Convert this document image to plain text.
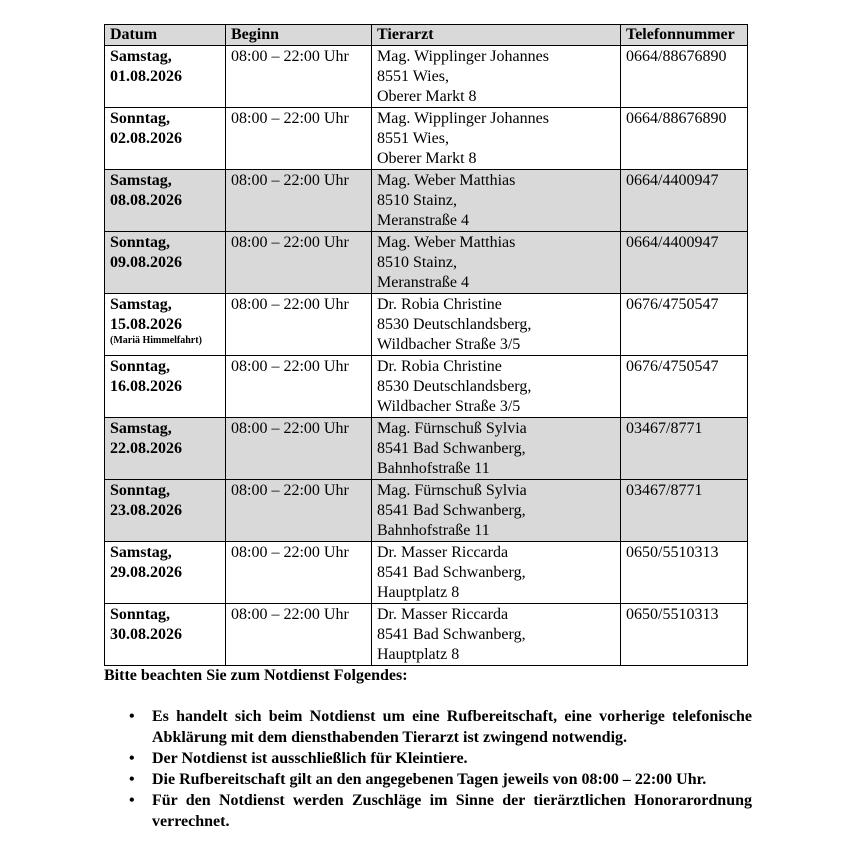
Datum	Beginn	Tierarzt	Telefonnummer

Samstag,
01.08.2026	08:00 – 22:00 Uhr	Mag. Wipplinger Johannes
8551 Wies,
Oberer Markt 8	0664/88676890

Sonntag,
02.08.2026	08:00 – 22:00 Uhr	Mag. Wipplinger Johannes
8551 Wies,
Oberer Markt 8	0664/88676890

Samstag,
08.08.2026	08:00 – 22:00 Uhr	Mag. Weber Matthias
8510 Stainz,
Meranstraße 4	0664/4400947

Sonntag,
09.08.2026	08:00 – 22:00 Uhr	Mag. Weber Matthias
8510 Stainz,
Meranstraße 4	0664/4400947

Samstag,
15.08.2026
(Mariä Himmelfahrt)	08:00 – 22:00 Uhr	Dr. Robia Christine
8530 Deutschlandsberg,
Wildbacher Straße 3/5	0676/4750547

Sonntag,
16.08.2026	08:00 – 22:00 Uhr	Dr. Robia Christine
8530 Deutschlandsberg,
Wildbacher Straße 3/5	0676/4750547

Samstag,
22.08.2026	08:00 – 22:00 Uhr	Mag. Fürnschuß Sylvia
8541 Bad Schwanberg,
Bahnhofstraße 11	03467/8771

Sonntag,
23.08.2026	08:00 – 22:00 Uhr	Mag. Fürnschuß Sylvia
8541 Bad Schwanberg,
Bahnhofstraße 11	03467/8771

Samstag,
29.08.2026	08:00 – 22:00 Uhr	Dr. Masser Riccarda
8541 Bad Schwanberg,
Hauptplatz 8	0650/5510313

Sonntag,
30.08.2026	08:00 – 22:00 Uhr	Dr. Masser Riccarda
8541 Bad Schwanberg,
Hauptplatz 8	0650/5510313

Bitte beachten Sie zum Notdienst Folgendes:

• Es handelt sich beim Notdienst um eine Rufbereitschaft, eine vorherige telefonische Abklärung mit dem diensthabenden Tierarzt ist zwingend notwendig.
• Der Notdienst ist ausschließlich für Kleintiere.
• Die Rufbereitschaft gilt an den angegebenen Tagen jeweils von 08:00 – 22:00 Uhr.
• Für den Notdienst werden Zuschläge im Sinne der tierärztlichen Honorarordnung verrechnet.
